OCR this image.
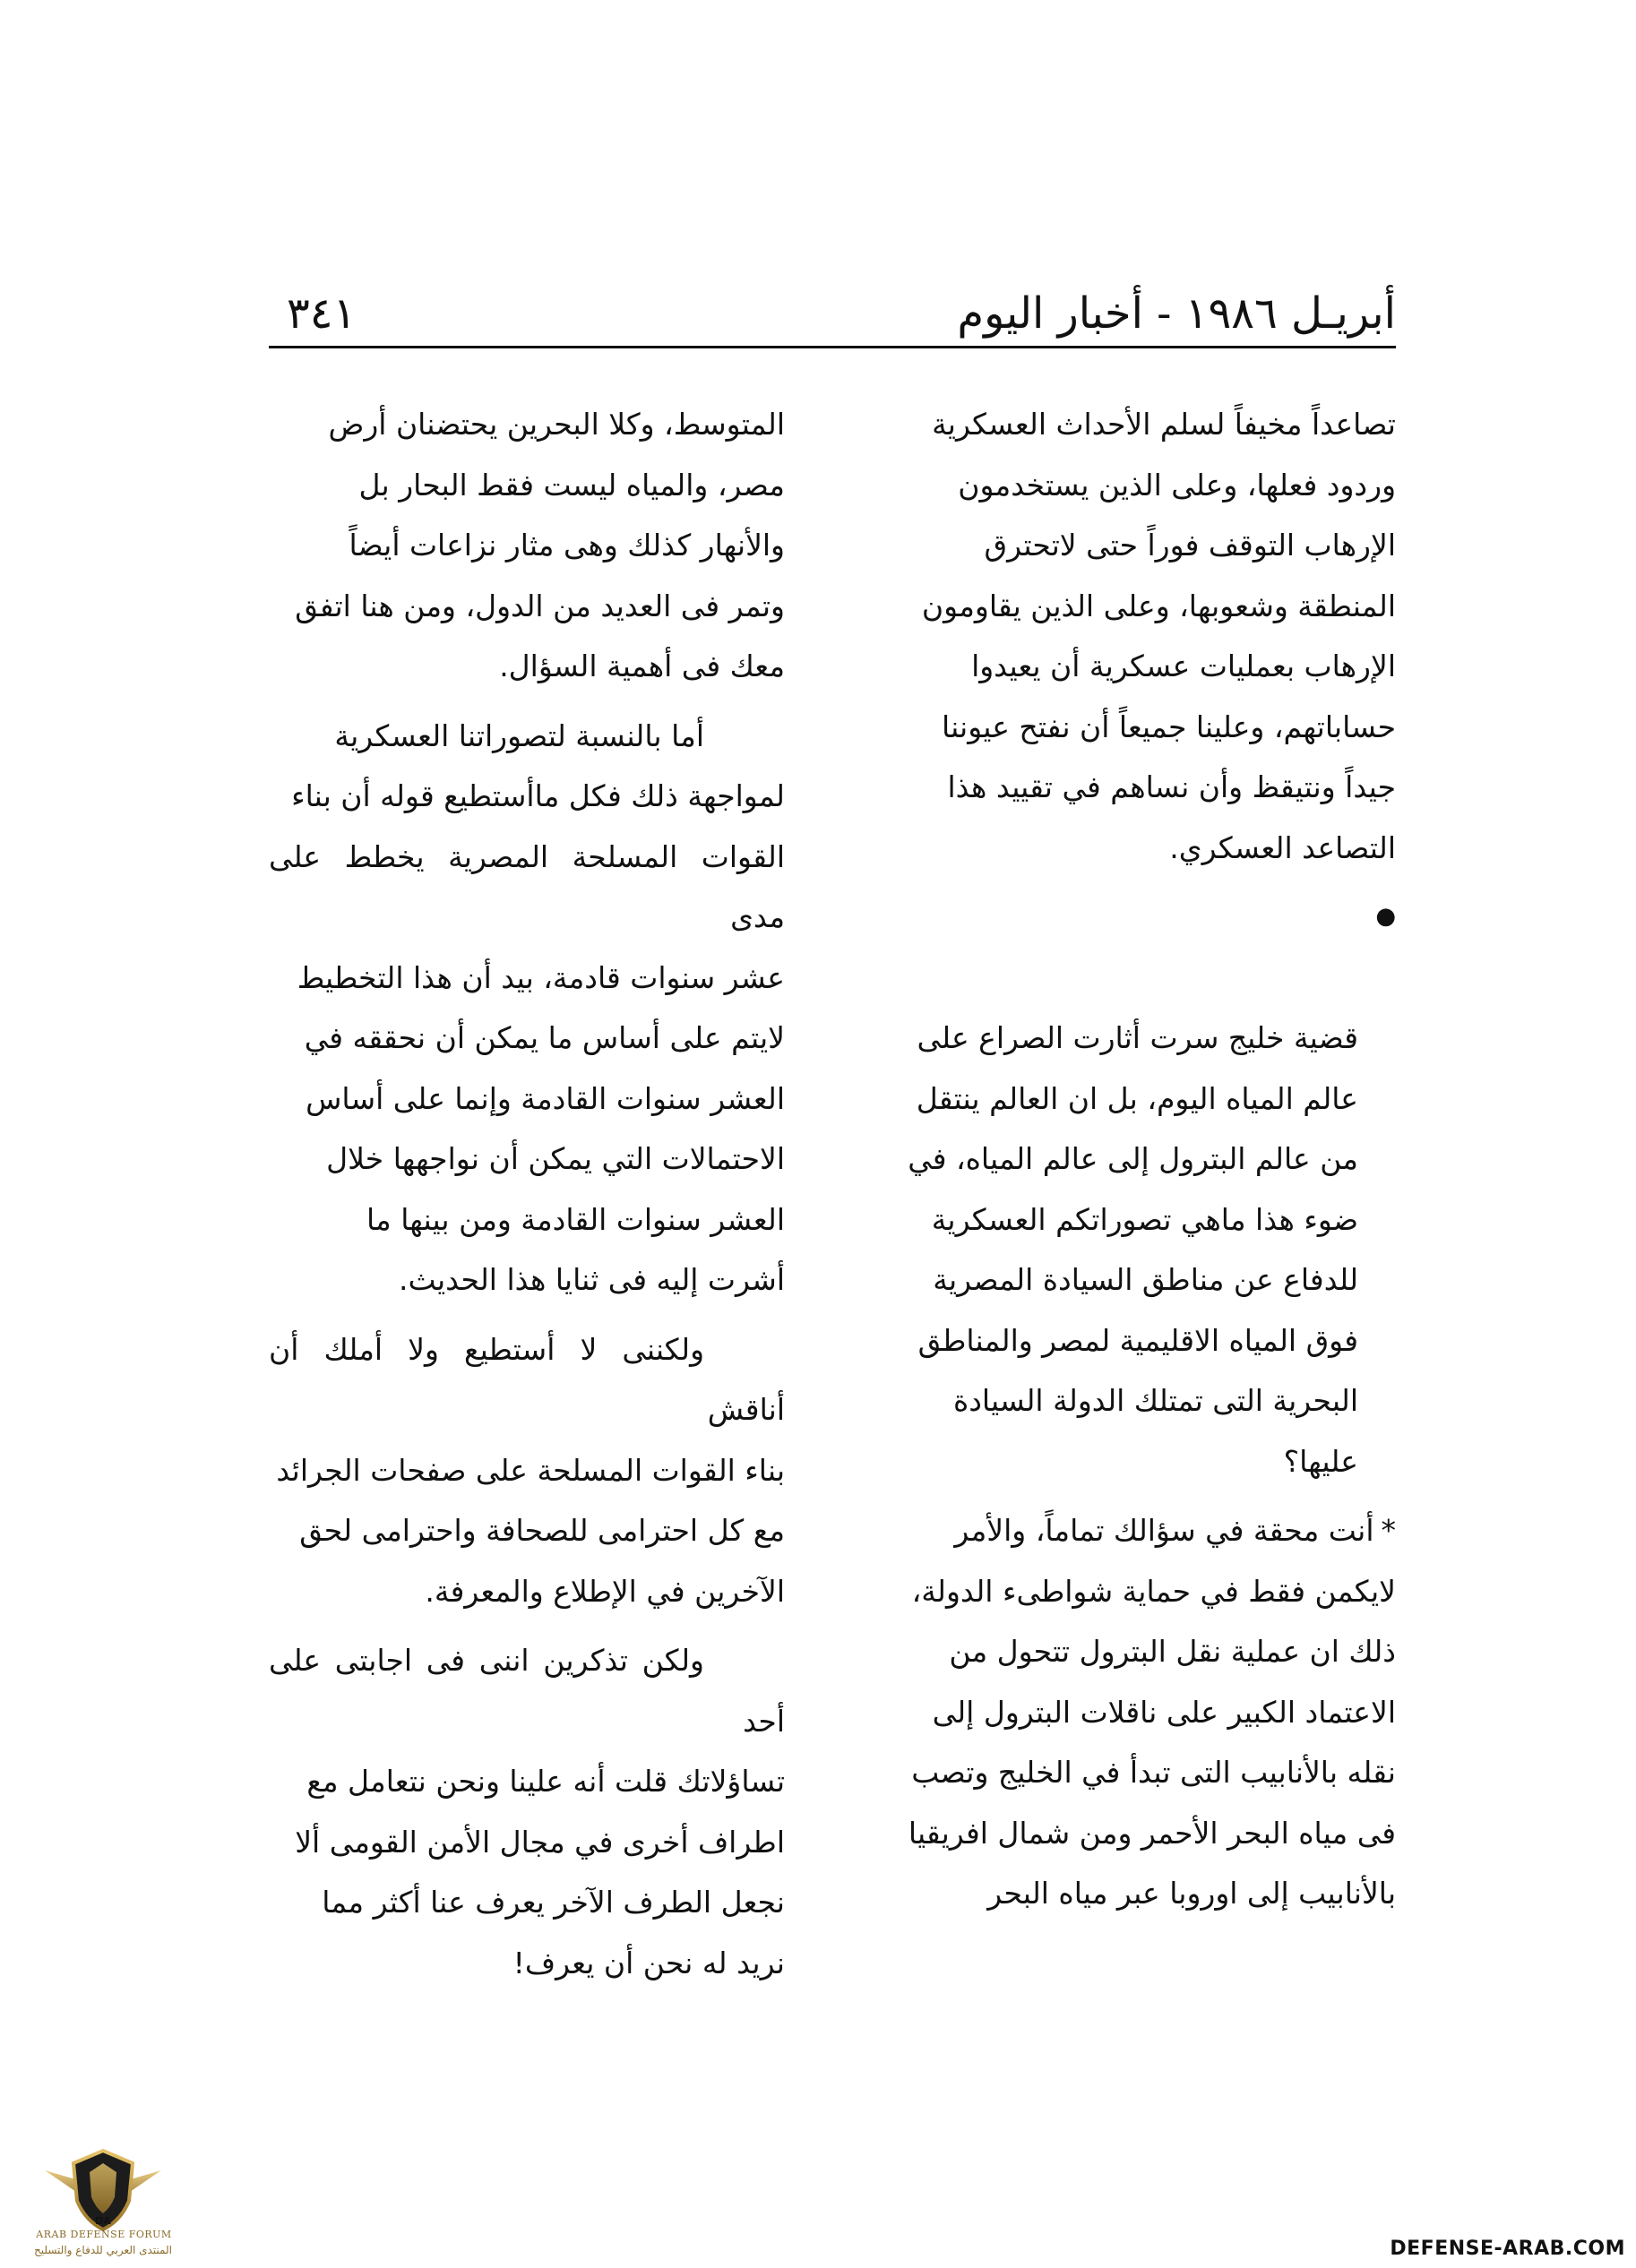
أبريـل ١٩٨٦ - أخبار اليوم
٣٤١

تصاعداً مخيفاً لسلم الأحداث العسكرية
وردود فعلها، وعلى الذين يستخدمون
الإرهاب التوقف فوراً حتى لاتحترق
المنطقة وشعوبها، وعلى الذين يقاومون
الإرهاب بعمليات عسكرية أن يعيدوا
حساباتهم، وعلينا جميعاً أن نفتح عيوننا
جيداً ونتيقظ وأن نساهم في تقييد هذا
التصاعد العسكري.

●

قضية خليج سرت أثارت الصراع على
عالم المياه اليوم، بل ان العالم ينتقل
من عالم البترول إلى عالم المياه، في
ضوء هذا ماهي تصوراتكم العسكرية
للدفاع عن مناطق السيادة المصرية
فوق المياه الاقليمية لمصر والمناطق
البحرية التى تمتلك الدولة السيادة
عليها؟

*أنت محقة في سؤالك تماماً، والأمر
لايكمن فقط في حماية شواطىء الدولة،
ذلك ان عملية نقل البترول تتحول من
الاعتماد الكبير على ناقلات البترول إلى
نقله بالأنابيب التى تبدأ في الخليج وتصب
فى مياه البحر الأحمر ومن شمال افريقيا
بالأنابيب إلى اوروبا عبر مياه البحر

المتوسط، وكلا البحرين يحتضنان أرض
مصر، والمياه ليست فقط البحار بل
والأنهار كذلك وهى مثار نزاعات أيضاً
وتمر فى العديد من الدول، ومن هنا اتفق
معك فى أهمية السؤال.

أما بالنسبة لتصوراتنا العسكرية
لمواجهة ذلك فكل ماأستطيع قوله أن بناء
القوات المسلحة المصرية يخطط على مدى
عشر سنوات قادمة، بيد أن هذا التخطيط
لايتم على أساس ما يمكن أن نحققه في
العشر سنوات القادمة وإنما على أساس
الاحتمالات التي يمكن أن نواجهها خلال
العشر سنوات القادمة ومن بينها ما
أشرت إليه فى ثنايا هذا الحديث.

ولكننى لا أستطيع ولا أملك أن أناقش
بناء القوات المسلحة على صفحات الجرائد
مع كل احترامى للصحافة واحترامى لحق
الآخرين في الإطلاع والمعرفة.

ولكن تذكرين اننى فى اجابتى على أحد
تساؤلاتك قلت أنه علينا ونحن نتعامل مع
اطراف أخرى في مجال الأمن القومى ألا
نجعل الطرف الآخر يعرف عنا أكثر مما
نريد له نحن أن يعرف!

DA
ARAB DEFENSE FORUM
المنتدى العربي للدفاع والتسليح	DEFENSE-ARAB.COM
